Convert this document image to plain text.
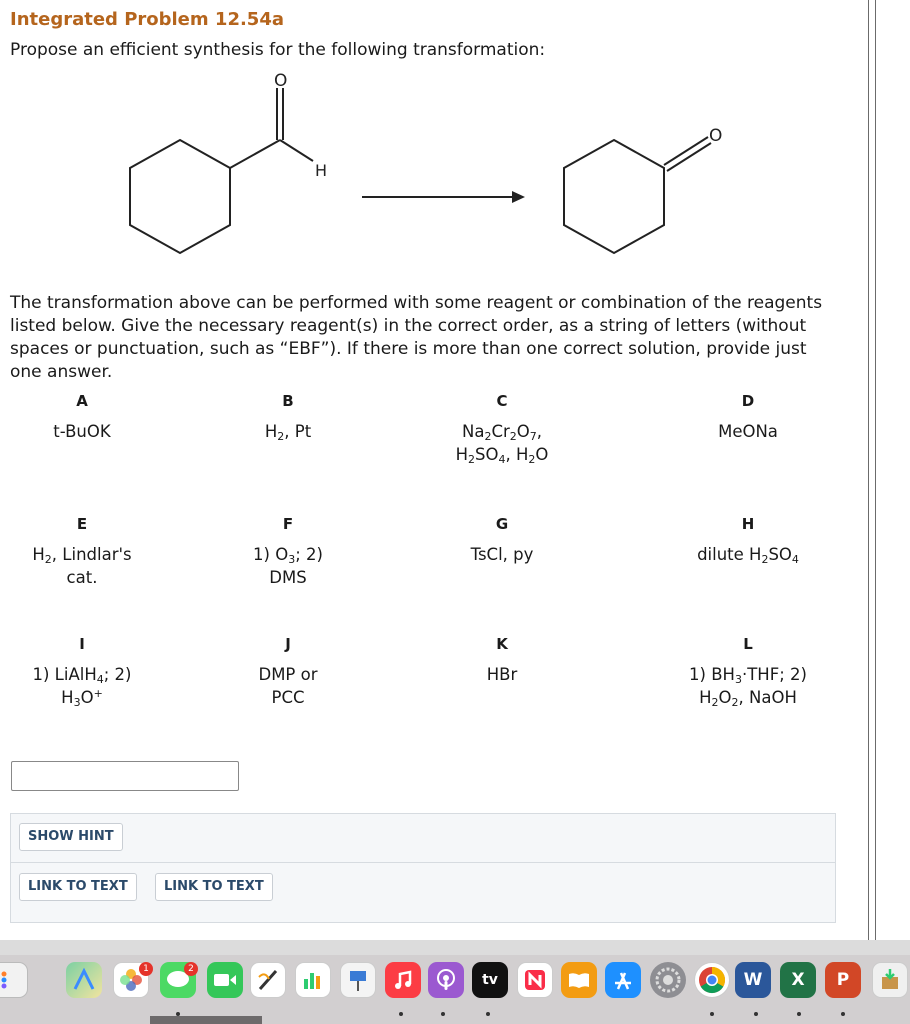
Integrated Problem 12.54a
Propose an efficient synthesis for the following transformation:
O
H
O
The transformation above can be performed with some reagent or combination of the reagents listed below. Give the necessary reagent(s) in the correct order, as a string of letters (without spaces or punctuation, such as “EBF”). If there is more than one correct solution, provide just one answer.
A
t-BuOK
B
$H_2$, Pt
C
$Na_2Cr_2O_7$,
$H_2SO_4$, $H_2O$
D
MeONa
E
$H_2$, Lindlar's
cat.
F
1) $O_3$; 2)
DMS
G
TsCl, py
H
dilute $H_2SO_4$
I
1) LiAlH$_4$; 2)
$H_3O^+$
J
DMP or
PCC
K
HBr
L
1) $BH_3\cdot THF$; 2)
$H_2O_2$, NaOH
SHOW HINT
LINK TO TEXT	LINK TO TEXT
1	2
tv	W	X	P
